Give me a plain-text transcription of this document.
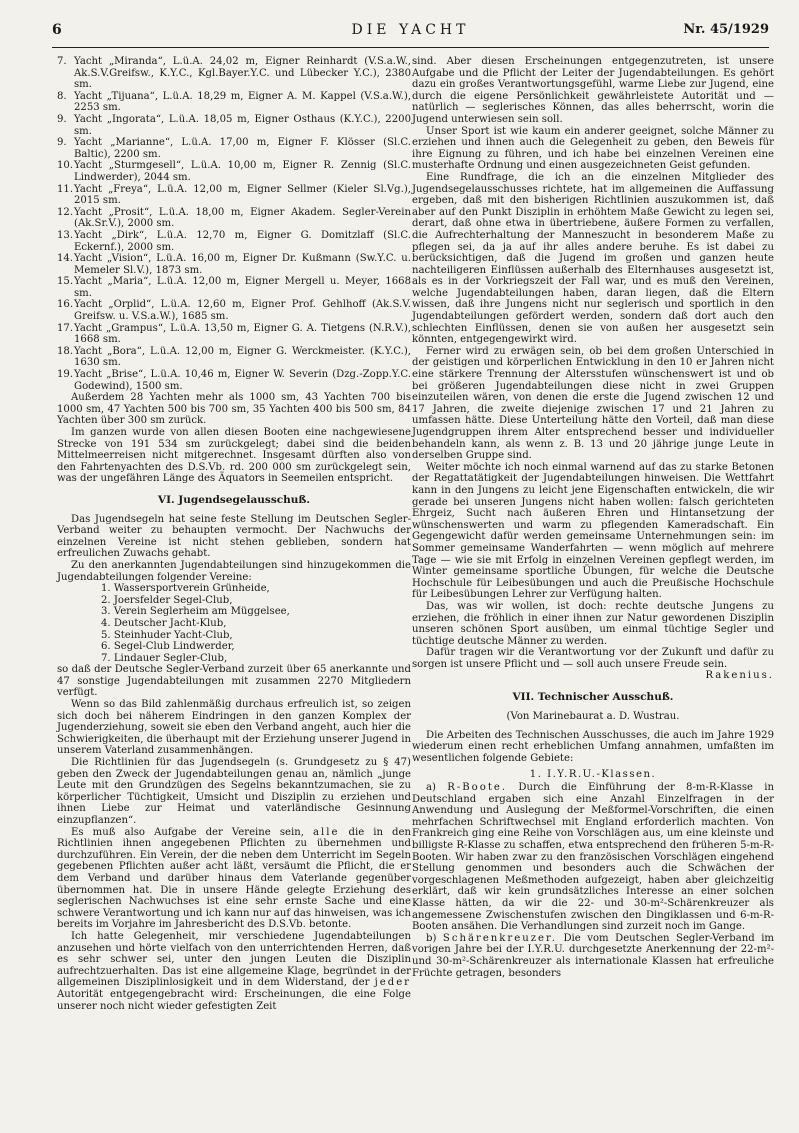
6	DIE YACHT	Nr. 45/1929
7. Yacht „Miranda“, L.ü.A. 24,02 m, Eigner Reinhardt (V.S.a.W., Ak.S.V.Greifsw., K.Y.C., Kgl.Bayer.Y.C. und Lübecker Y.C.), 2380 sm.
8. Yacht „Tijuana“, L.ü.A. 18,29 m, Eigner A. M. Kappel (V.S.a.W.), 2253 sm.
9. Yacht „Ingorata“, L.ü.A. 18,05 m, Eigner Osthaus (K.Y.C.), 2200 sm.
9. Yacht „Marianne“, L.ü.A. 17,00 m, Eigner F. Klösser (Sl.C. Baltic), 2200 sm.
10. Yacht „Sturmgesell“, L.ü.A. 10,00 m, Eigner R. Zennig (Sl.C. Lindwerder), 2044 sm.
11. Yacht „Freya“, L.ü.A. 12,00 m, Eigner Sellmer (Kieler Sl.Vg.), 2015 sm.
12. Yacht „Prosit“, L.ü.A. 18,00 m, Eigner Akadem. Segler-Verein (Ak.Sr.V.), 2000 sm.
13. Yacht „Dirk“, L.ü.A. 12,70 m, Eigner G. Domitzlaff (Sl.C. Eckernf.), 2000 sm.
14. Yacht „Vision“, L.ü.A. 16,00 m, Eigner Dr. Kußmann (Sw.Y.C. u. Memeler Sl.V.), 1873 sm.
15. Yacht „Maria“, L.ü.A. 12,00 m, Eigner Mergell u. Meyer, 1668 sm.
16. Yacht „Orplid“, L.ü.A. 12,60 m, Eigner Prof. Gehlhoff (Ak.S.V. Greifsw. u. V.S.a.W.), 1685 sm.
17. Yacht „Grampus“, L.ü.A. 13,50 m, Eigner G. A. Tietgens (N.R.V.), 1668 sm.
18. Yacht „Bora“, L.ü.A. 12,00 m, Eigner G. Werckmeister. (K.Y.C.), 1630 sm.
19. Yacht „Brise“, L.ü.A. 10,46 m, Eigner W. Severin (Dzg.-Zopp.Y.C. Godewind), 1500 sm.

Außerdem 28 Yachten mehr als 1000 sm, 43 Yachten 700 bis 1000 sm, 47 Yachten 500 bis 700 sm, 35 Yachten 400 bis 500 sm, 84 Yachten über 300 sm zurück.

Im ganzen wurde von allen diesen Booten eine nachgewiesene Strecke von 191 534 sm zurückgelegt; dabei sind die beiden Mittelmeerreisen nicht mitgerechnet. Insgesamt dürften also von den Fahrtenyachten des D.S.Vb. rd. 200 000 sm zurückgelegt sein, was der ungefähren Länge des Äquators in Seemeilen entspricht.

VI. Jugendsegelausschuß.

Das Jugendsegeln hat seine feste Stellung im Deutschen Segler-Verband weiter zu behaupten vermocht. Der Nachwuchs der einzelnen Vereine ist nicht stehen geblieben, sondern hat erfreulichen Zuwachs gehabt.

Zu den anerkannten Jugendabteilungen sind hinzugekommen die Jugendabteilungen folgender Vereine:

1. Wassersportverein Grünheide,
2. Joersfelder Segel-Club,
3. Verein Seglerheim am Müggelsee,
4. Deutscher Jacht-Klub,
5. Steinhuder Yacht-Club,
6. Segel-Club Lindwerder,
7. Lindauer Segler-Club,

so daß der Deutsche Segler-Verband zurzeit über 65 anerkannte und 47 sonstige Jugendabteilungen mit zusammen 2270 Mitgliedern verfügt.

Wenn so das Bild zahlenmäßig durchaus erfreulich ist, so zeigen sich doch bei näherem Eindringen in den ganzen Komplex der Jugenderziehung, soweit sie eben den Verband angeht, auch hier die Schwierigkeiten, die überhaupt mit der Erziehung unserer Jugend in unserem Vaterland zusammenhängen.

Die Richtlinien für das Jugendsegeln (s. Grundgesetz zu § 47) geben den Zweck der Jugendabteilungen genau an, nämlich „junge Leute mit den Grundzügen des Segelns bekanntzumachen, sie zu körperlicher Tüchtigkeit, Umsicht und Disziplin zu erziehen und ihnen Liebe zur Heimat und vaterländische Gesinnung einzupflanzen“.

Es muß also Aufgabe der Vereine sein, alle die in den Richtlinien ihnen angegebenen Pflichten zu übernehmen und durchzuführen. Ein Verein, der die neben dem Unterricht im Segeln gegebenen Pflichten außer acht läßt, versäumt die Pflicht, die er dem Verband und darüber hinaus dem Vaterlande gegenüber übernommen hat. Die in unsere Hände gelegte Erziehung des seglerischen Nachwuchses ist eine sehr ernste Sache und eine schwere Verantwortung und ich kann nur auf das hinweisen, was ich bereits im Vorjahre im Jahresbericht des D.S.Vb. betonte.

Ich hatte Gelegenheit, mir verschiedene Jugendabteilungen anzusehen und hörte vielfach von den unterrichtenden Herren, daß es sehr schwer sei, unter den jungen Leuten die Disziplin aufrechtzuerhalten. Das ist eine allgemeine Klage, begründet in der allgemeinen Disziplinlosigkeit und in dem Widerstand, der jeder Autorität entgegengebracht wird: Erscheinungen, die eine Folge unserer noch nicht wieder gefestigten Zeit

sind. Aber diesen Erscheinungen entgegenzutreten, ist unsere Aufgabe und die Pflicht der Leiter der Jugendabteilungen. Es gehört dazu ein großes Verantwortungsgefühl, warme Liebe zur Jugend, eine durch die eigene Persönlichkeit gewährleistete Autorität und — natürlich — seglerisches Können, das alles beherrscht, worin die Jugend unterwiesen sein soll.

Unser Sport ist wie kaum ein anderer geeignet, solche Männer zu erziehen und ihnen auch die Gelegenheit zu geben, den Beweis für ihre Eignung zu führen, und ich habe bei einzelnen Vereinen eine musterhafte Ordnung und einen ausgezeichneten Geist gefunden.

Eine Rundfrage, die ich an die einzelnen Mitglieder des Jugendsegelausschusses richtete, hat im allgemeinen die Auffassung ergeben, daß mit den bisherigen Richtlinien auszukommen ist, daß aber auf den Punkt Disziplin in erhöhtem Maße Gewicht zu legen sei, derart, daß ohne etwa in übertriebene, äußere Formen zu verfallen, die Aufrechterhaltung der Manneszucht in besonderem Maße zu pflegen sei, da ja auf ihr alles andere beruhe. Es ist dabei zu berücksichtigen, daß die Jugend im großen und ganzen heute nachteiligeren Einflüssen außerhalb des Elternhauses ausgesetzt ist, als es in der Vorkriegszeit der Fall war, und es muß den Vereinen, welche Jugendabteilungen haben, daran liegen, daß die Eltern wissen, daß ihre Jungens nicht nur seglerisch und sportlich in den Jugendabteilungen gefördert werden, sondern daß dort auch den schlechten Einflüssen, denen sie von außen her ausgesetzt sein könnten, entgegengewirkt wird.

Ferner wird zu erwägen sein, ob bei dem großen Unterschied in der geistigen und körperlichen Entwicklung in den 10 er Jahren nicht eine stärkere Trennung der Altersstufen wünschenswert ist und ob bei größeren Jugendabteilungen diese nicht in zwei Gruppen einzuteilen wären, von denen die erste die Jugend zwischen 12 und 17 Jahren, die zweite diejenige zwischen 17 und 21 Jahren zu umfassen hätte. Diese Unterteilung hätte den Vorteil, daß man diese Jugendgruppen ihrem Alter entsprechend besser und individueller behandeln kann, als wenn z. B. 13 und 20 jährige junge Leute in derselben Gruppe sind.

Weiter möchte ich noch einmal warnend auf das zu starke Betonen der Regattatätigkeit der Jugendabteilungen hinweisen. Die Wettfahrt kann in den Jungens zu leicht jene Eigenschaften entwickeln, die wir gerade bei unseren Jungens nicht haben wollen: falsch gerichteten Ehrgeiz, Sucht nach äußeren Ehren und Hintansetzung der wünschenswerten und warm zu pflegenden Kameradschaft. Ein Gegengewicht dafür werden gemeinsame Unternehmungen sein: im Sommer gemeinsame Wanderfahrten — wenn möglich auf mehrere Tage — wie sie mit Erfolg in einzelnen Vereinen gepflegt werden, im Winter gemeinsame sportliche Übungen, für welche die Deutsche Hochschule für Leibesübungen und auch die Preußische Hochschule für Leibesübungen Lehrer zur Verfügung halten.

Das, was wir wollen, ist doch: rechte deutsche Jungens zu erziehen, die fröhlich in einer ihnen zur Natur gewordenen Disziplin unseren schönen Sport ausüben, um einmal tüchtige Segler und tüchtige deutsche Männer zu werden.

Dafür tragen wir die Verantwortung vor der Zukunft und dafür zu sorgen ist unsere Pflicht und — soll auch unsere Freude sein.
Rakenius.

VII. Technischer Ausschuß.
(Von Marinebaurat a. D. Wustrau.

Die Arbeiten des Technischen Ausschusses, die auch im Jahre 1929 wiederum einen recht erheblichen Umfang annahmen, umfaßten im wesentlichen folgende Gebiete:

1. I.Y.R.U.-Klassen.

a) R-Boote. Durch die Einführung der 8-m-R-Klasse in Deutschland ergaben sich eine Anzahl Einzelfragen in der Anwendung und Auslegung der Meßformel-Vorschriften, die einen mehrfachen Schriftwechsel mit England erforderlich machten. Von Frankreich ging eine Reihe von Vorschlägen aus, um eine kleinste und billigste R-Klasse zu schaffen, etwa entsprechend den früheren 5-m-R-Booten. Wir haben zwar zu den französischen Vorschlägen eingehend Stellung genommen und besonders auch die Schwächen der vorgeschlagenen Meßmethoden aufgezeigt, haben aber gleichzeitig erklärt, daß wir kein grundsätzliches Interesse an einer solchen Klasse hätten, da wir die 22- und 30-m²-Schärenkreuzer als angemessene Zwischenstufen zwischen den Dingiklassen und 6-m-R-Booten ansähen. Die Verhandlungen sind zurzeit noch im Gange.

b) Schärenkreuzer. Die vom Deutschen Segler-Verband im vorigen Jahre bei der I.Y.R.U. durchgesetzte Anerkennung der 22-m²- und 30-m²-Schärenkreuzer als internationale Klassen hat erfreuliche Früchte getragen, besonders
